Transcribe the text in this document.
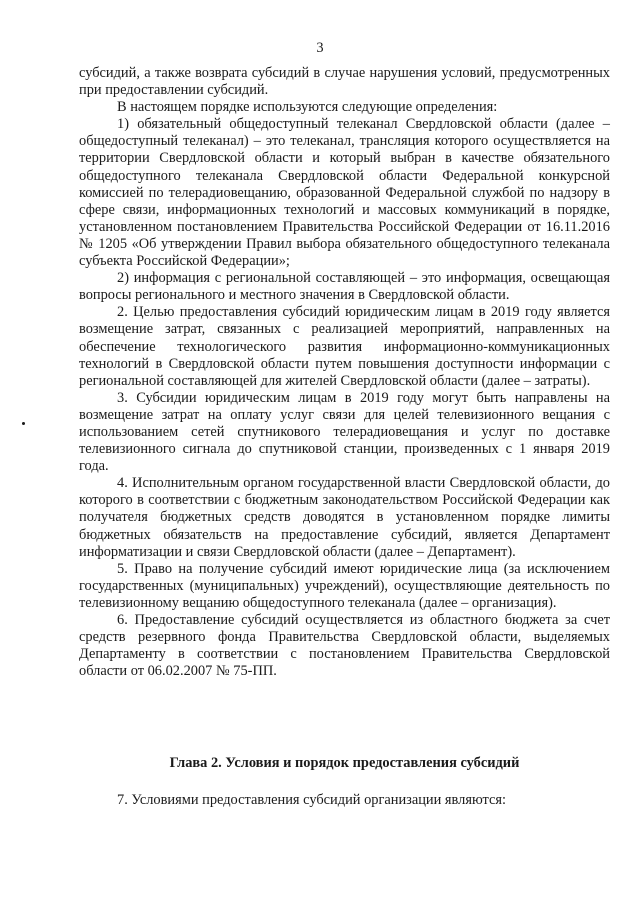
3

субсидий, а также возврата субсидий в случае нарушения условий, предусмотренных при предоставлении субсидий.

В настоящем порядке используются следующие определения:

1) обязательный общедоступный телеканал Свердловской области (далее – общедоступный телеканал) – это телеканал, трансляция которого осуществляется на территории Свердловской области и который выбран в качестве обязательного общедоступного телеканала Свердловской области Федеральной конкурсной комиссией по телерадиовещанию, образованной Федеральной службой по надзору в сфере связи, информационных технологий и массовых коммуникаций в порядке, установленном постановлением Правительства Российской Федерации от 16.11.2016 № 1205 «Об утверждении Правил выбора обязательного общедоступного телеканала субъекта Российской Федерации»;

2) информация с региональной составляющей – это информация, освещающая вопросы регионального и местного значения в Свердловской области.

2. Целью предоставления субсидий юридическим лицам в 2019 году является возмещение затрат, связанных с реализацией мероприятий, направленных на обеспечение технологического развития информационно-коммуникационных технологий в Свердловской области путем повышения доступности информации с региональной составляющей для жителей Свердловской области (далее – затраты).

3. Субсидии юридическим лицам в 2019 году могут быть направлены на возмещение затрат на оплату услуг связи для целей телевизионного вещания с использованием сетей спутникового телерадиовещания и услуг по доставке телевизионного сигнала до спутниковой станции, произведенных с 1 января 2019 года.

4. Исполнительным органом государственной власти Свердловской области, до которого в соответствии с бюджетным законодательством Российской Федерации как получателя бюджетных средств доводятся в установленном порядке лимиты бюджетных обязательств на предоставление субсидий, является Департамент информатизации и связи Свердловской области (далее – Департамент).

5. Право на получение субсидий имеют юридические лица (за исключением государственных (муниципальных) учреждений), осуществляющие деятельность по телевизионному вещанию общедоступного телеканала (далее – организация).

6. Предоставление субсидий осуществляется из областного бюджета за счет средств резервного фонда Правительства Свердловской области, выделяемых Департаменту в соответствии с постановлением Правительства Свердловской области от 06.02.2007 № 75-ПП.

Глава 2. Условия и порядок предоставления субсидий

7. Условиями предоставления субсидий организации являются:
